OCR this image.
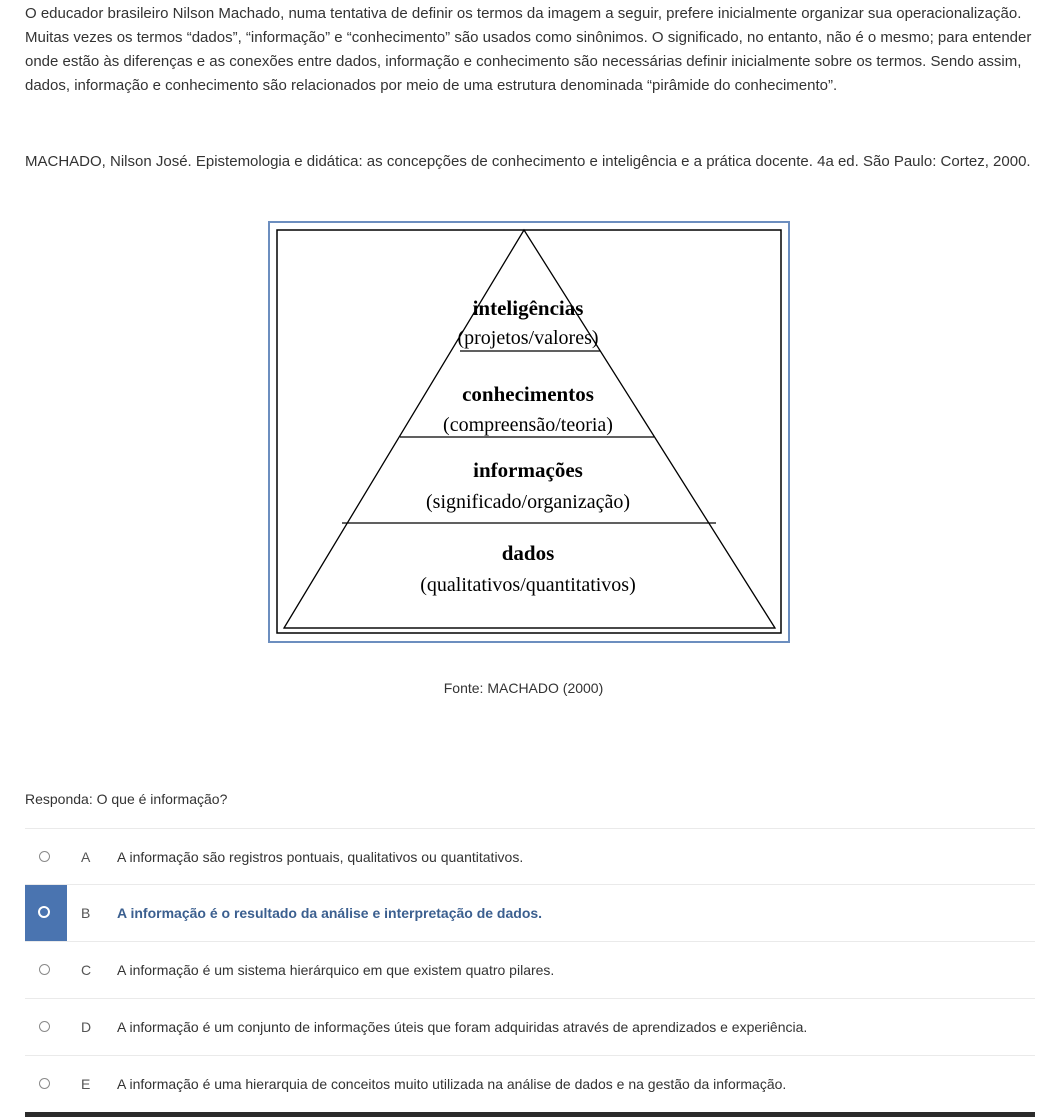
O educador brasileiro Nilson Machado, numa tentativa de definir os termos da imagem a seguir, prefere inicialmente organizar sua operacionalização. Muitas vezes os termos “dados”, “informação” e “conhecimento” são usados como sinônimos. O significado, no entanto, não é o mesmo; para entender onde estão às diferenças e as conexões entre dados, informação e conhecimento são necessárias definir inicialmente sobre os termos. Sendo assim, dados, informação e conhecimento são relacionados por meio de uma estrutura denominada “pirâmide do conhecimento”.

MACHADO, Nilson José. Epistemologia e didática: as concepções de conhecimento e inteligência e a prática docente. 4a ed. São Paulo: Cortez, 2000.

inteligências
(projetos/valores)
conhecimentos
(compreensão/teoria)
informações
(significado/organização)
dados
(qualitativos/quantitativos)
Fonte: MACHADO (2000)
Responda: O que é informação?
A A informação são registros pontuais, qualitativos ou quantitativos.
B A informação é o resultado da análise e interpretação de dados.
C A informação é um sistema hierárquico em que existem quatro pilares.
D A informação é um conjunto de informações úteis que foram adquiridas através de aprendizados e experiência.
E A informação é uma hierarquia de conceitos muito utilizada na análise de dados e na gestão da informação.
